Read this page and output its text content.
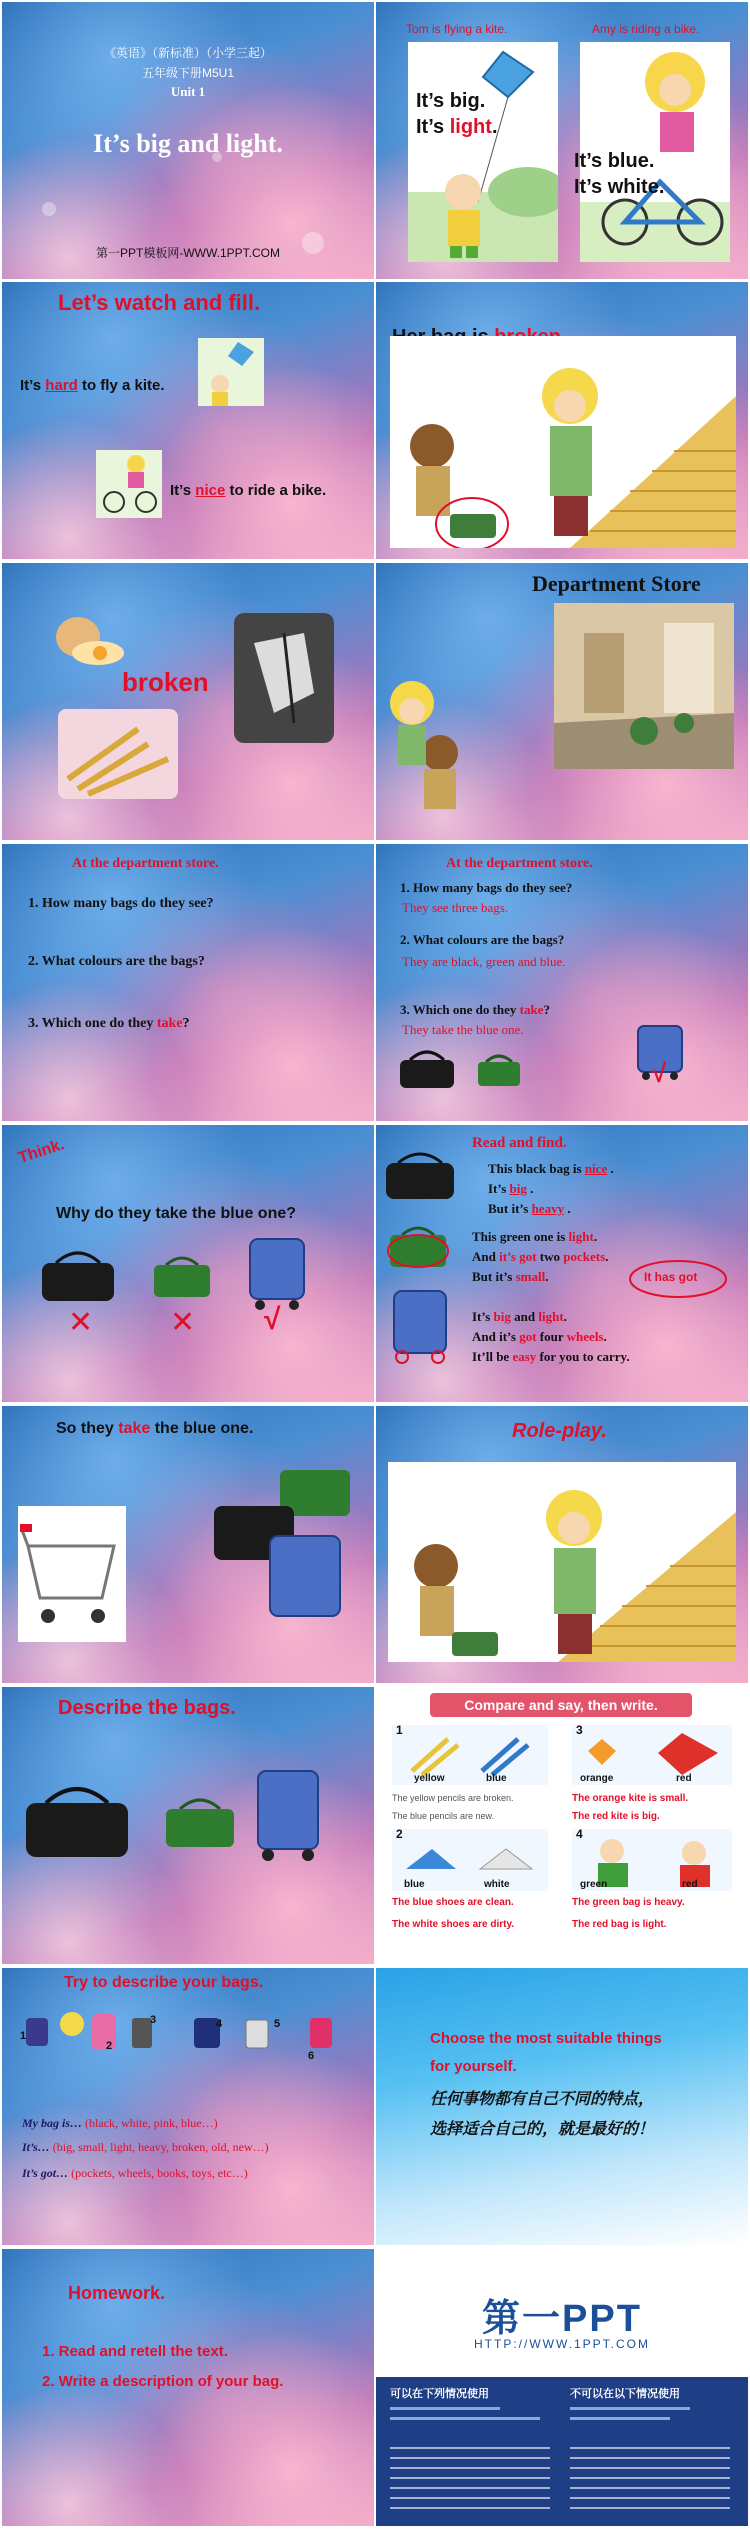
《英语》（新标准）（小学三起）
五年级下册M5U1
Unit 1
It’s big and light.
第一PPT模板网-WWW.1PPT.COM
Tom is flying a kite.	Amy is riding a bike.
It’s big.
It’s light.
It’s blue.
It’s white.
Let’s watch and fill.
It’s hard to fly a kite.
It’s nice to ride a bike.
broken
Department Store
At the department store.
1. How many bags do they see?
2. What colours are the bags?
3. Which one do they take?
At the department store.
1. How many bags do they see?
They see three bags.
2. What colours are the bags?
They are black, green and blue.
3. Which one do they take?
They take the blue one.
√
Think.
Why do they take the blue one?
✕	✕ √
Read and find.
This black bag is nice .
It’s big .
But it’s heavy .
This green one is light.
And it’s got two pockets.
But it’s small.	It has got
It’s big and light.
And it’s got four wheels.
It’ll be easy for you to carry.
So they take the blue one.	Role-play.
Describe the bags.	Compare and say, then write.
1
yellow	blue
The yellow pencils are broken.
The blue pencils are new.
3
orange	red
The orange kite is small.
The red kite is big.
2
blue	white
The blue shoes are clean.
The white shoes are dirty.
4
green	red
The green bag is heavy.
The red bag is light.
Try to describe your bags.
1
2
3	4	5
6
My bag is… (black, white, pink, blue…)
It’s… (big, small, light, heavy, broken, old, new…)
It’s got… (pockets, wheels, books, toys, etc…)
Choose the most suitable things
for yourself.
任何事物都有自己不同的特点，
选择适合自己的，就是最好的！
Homework.
1. Read and retell the text.
2. Write a description of your bag.
第一PPT
HTTP://WWW.1PPT.COM
可以在下列情况使用	不可以在以下情况使用
